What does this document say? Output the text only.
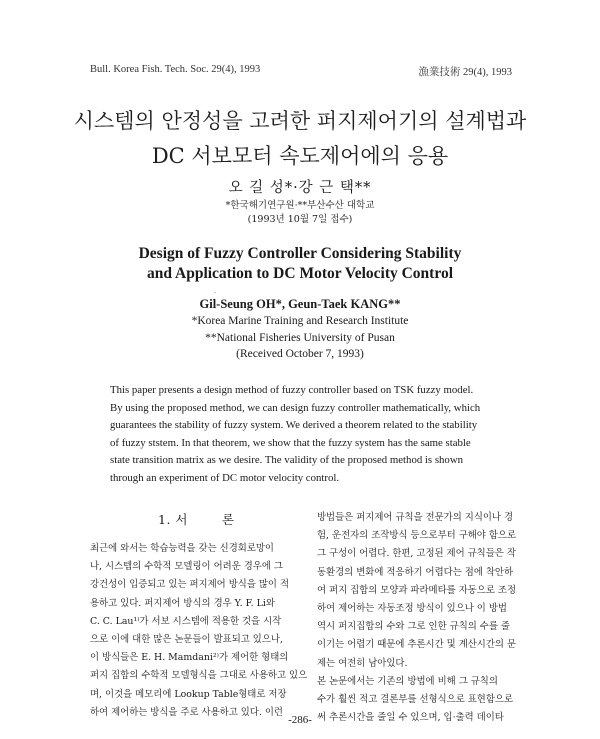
Bull. Korea Fish. Tech. Soc. 29(4), 1993	漁業技術 29(4), 1993
시스템의 안정성을 고려한 퍼지제어기의 설계법과
DC 서보모터 속도제어에의 응용
오 길 성*·강 근 택**
*한국해기연구원·**부산수산 대학교
(1993년 10월 7일 접수)
Design of Fuzzy Controller Considering Stability
and Application to DC Motor Velocity Control
-
Gil-Seung OH*, Geun-Taek KANG**
*Korea Marine Training and Research Institute
**National Fisheries University of Pusan
(Received October 7, 1993)
This paper presents a design method of fuzzy controller based on TSK fuzzy model.
By using the proposed method, we can design fuzzy controller mathematically, which
guarantees the stability of fuzzy system. We derived a theorem related to the stability
of fuzzy ststem. In that theorem, we show that the fuzzy system has the same stable
state transition matrix as we desire. The validity of the proposed method is shown
through an experiment of DC motor velocity control.
1. 서	론
최근에 와서는 학습능력을 갖는 신경회로망이
나, 시스템의 수학적 모델링이 어려운 경우에 그
강건성이 입증되고 있는 퍼지제어 방식을 많이 적
용하고 있다. 퍼지제어 방식의 경우 Y. F. Li와
C. C. Lau¹⁾가 서보 시스템에 적용한 것을 시작
으로 이에 대한 많은 논문들이 발표되고 있으나,
이 방식들은 E. H. Mamdani²⁾가 제어한 형태의
퍼지 집합의 수학적 모델형식을 그대로 사용하고 있으
며, 이것을 메모리에 Lookup Table형태로 저장
하여 제어하는 방식을 주로 사용하고 있다. 이런
방법들은 퍼지제어 규칙을 전문가의 지식이나 경
험, 운전자의 조작방식 등으로부터 구해야 함으로
그 구성이 어렵다. 한편, 고정된 제어 규칙들은 작
동환경의 변화에 적응하기 어렵다는 점에 착안하
여 퍼지 집합의 모양과 파라메타를 자동으로 조정
하여 제어하는 자동조정 방식이 있으나 이 방법
역시 퍼지집합의 수와 그로 인한 규칙의 수를 줄
이기는 어렵기 때문에 추론시간 및 계산시간의 문
제는 여전히 남아있다.
본 논문에서는 기존의 방법에 비해 그 규칙의
수가 훨씬 적고 결론부를 선형식으로 표현함으로
써 추론시간을 줄일 수 있으며, 입·출력 데이타
-286-
